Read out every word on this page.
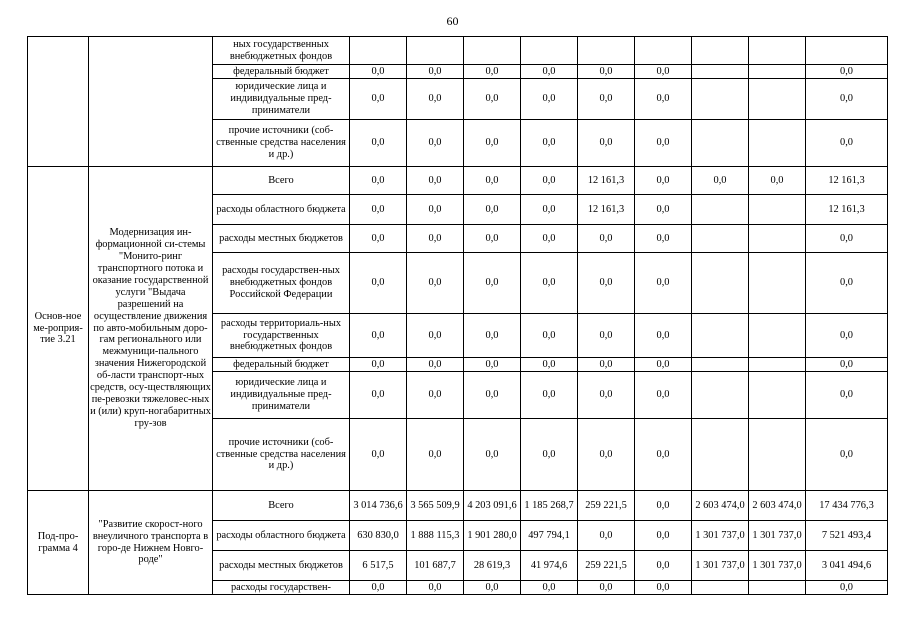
60
		ных государственных внебюджетных фондов									
		федеральный бюджет	0,0	0,0	0,0	0,0	0,0	0,0			0,0
		юридические лица и индивидуальные пред-приниматели	0,0	0,0	0,0	0,0	0,0	0,0			0,0
		прочие источники (соб-ственные средства населения и др.)	0,0	0,0	0,0	0,0	0,0	0,0			0,0
Основ-ное ме-роприя-тие 3.21	Модернизация ин-формационной си-стемы "Монито-ринг транспортного потока и оказание государственной услуги "Выдача разрешений на осуществление движения по авто-мобильным доро-гам регионального или межмуници-пального значения Нижегородской об-ласти транспорт-ных средств, осу-ществляющих пе-ревозки тяжеловес-ных и (или) круп-ногабаритных гру-зов	Всего	0,0	0,0	0,0	0,0	12 161,3	0,0	0,0	0,0	12 161,3
		расходы областного бюджета	0,0	0,0	0,0	0,0	12 161,3	0,0			12 161,3
		расходы местных бюджетов	0,0	0,0	0,0	0,0	0,0	0,0			0,0
		расходы государствен-ных внебюджетных фондов Российской Федерации	0,0	0,0	0,0	0,0	0,0	0,0			0,0
		расходы территориаль-ных государственных внебюджетных фондов	0,0	0,0	0,0	0,0	0,0	0,0			0,0
		федеральный бюджет	0,0	0,0	0,0	0,0	0,0	0,0			0,0
		юридические лица и индивидуальные пред-приниматели	0,0	0,0	0,0	0,0	0,0	0,0			0,0
		прочие источники (соб-ственные средства населения и др.)	0,0	0,0	0,0	0,0	0,0	0,0			0,0
Под-про-грамма 4	"Развитие скорост-ного внеуличного транспорта в горо-де Нижнем Новго-роде"	Всего	3 014 736,6	3 565 509,9	4 203 091,6	1 185 268,7	259 221,5	0,0	2 603 474,0	2 603 474,0	17 434 776,3
		расходы областного бюджета	630 830,0	1 888 115,3	1 901 280,0	497 794,1	0,0	0,0	1 301 737,0	1 301 737,0	7 521 493,4
		расходы местных бюджетов	6 517,5	101 687,7	28 619,3	41 974,6	259 221,5	0,0	1 301 737,0	1 301 737,0	3 041 494,6
		расходы государствен-	0,0	0,0	0,0	0,0	0,0	0,0			0,0
